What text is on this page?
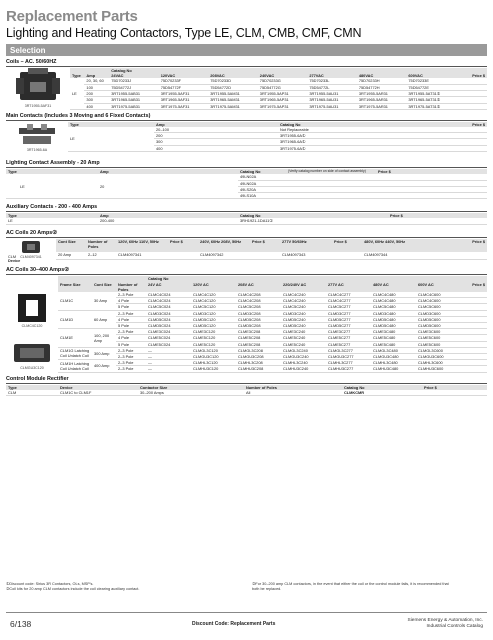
Replacement Parts
Lighting and Heating Contactors, Type LE, CLM, CMB, CMF, CMN
Selection
Coils – AC. 50/60HZ
3RT1955-5AF31			Catalog No							
	Type	Amp	24VAC	120VAC	208VAC	240VAC	277VAC	480VAC	600VAC	Price $
	LE	20, 30, 60	75D70233J	75D70233F	75D70233D	75D70233G	75D70233L	75D70233H	75D70233E	
		100	75D54772J	75D54772F	75D54772D	75D54772G	75D54772L	75D54772H	75D54772E	
		200	3RT1955-5AB31	3RT1955-5AF31	3RT1955-5AM31	3RT1955-5AP31	3RT1955-5AU31	3RT1955-5AR31	3RT1955-5AT31①	
		300	3RT1965-5AB31	3RT1965-5AF31	3RT1965-5AM31	3RT1965-5AP31	3RT1965-5AU31	3RT1965-5AR31	3RT1965-5AT31①	
		400	3RT1975-5AB31	3RT1975-5AF31	3RT1975-5AM31	3RT1975-5AP31	3RT1975-5AU31	3RT1975-5AR31	3RT1975-5AT31①	
Main Contacts (Includes 3 Moving and 6 Fixed Contacts)
3RT1965-6A	Type	Amp	Catalog No	Price $
	LE	20–100	Not Replaceable	
		200	3RT1955-6A①	
		300	3RT1965-6A①	
		400	3RT1975-6A①	

Lighting Contact Assembly - 20 Amp
Type	Amp	Catalog No	(Verify catalog number on side of contact assembly)	Price $
LE	20	49LN02A		
		49LN02A		
		49LS20A		
		49LS10A		
Auxiliary Contacts - 200 - 400 Amps
Type	Amp	Catalog No	Price $
LE	200-400	3RH1921-1DA11①	
AC Coils 20 Amps②
CLM4097341	Cont Size	Number of Poles	120V, 60Hz 110V, 50Hz	Price $	240V, 60Hz 208V, 50Hz	Price $	277V 50/60Hz	Price $	480V, 60Hz 440V, 50Hz	Price $
	20 Amp	2–12	CLM4097341		CLM4097342		CLM4097343		CLM4097344	
CLM
Device
AC Coils 30–400 Amps②
CLMC4C120
CLMGU3C120
			Catalog No							
Frame Size	Cont Size	Number of Poles	24V AC	120V AC	208V AC	220/240V AC	277V AC	480V AC	600V AC	Price $
CLM1C	30 Amp	2–3 Pole	CLMC4C024	CLMC4C120	CLMC4C208	CLMC4C240	CLMC4C277	CLMC4C480	CLMC4C600	
		4 Pole	CLMC4C024	CLMC4C120	CLMC4C208	CLMC4C240	CLMC4C277	CLMC4C480	CLMC4C600	
		5 Pole	CLMC5C024	CLMC5C120	CLMC5C208	CLMC5C240	CLMC5C277	CLMC5C480	CLMC5C600	
CLM1D	60 Amp	2–3 Pole	CLMD3C024	CLMD3C120	CLMD3C208	CLMD3C240	CLMD3C277	CLMD3C480	CLMD3C600	
		4 Pole	CLMD5C024	CLMD5C120	CLMD5C208	CLMD5C240	CLMD5C277	CLMD5C480	CLMD5C600	
		5 Pole	CLMD5C024	CLMD5C120	CLMD5C208	CLMD5C240	CLMD5C277	CLMD5C480	CLMD5C600	
CLM1E	100, 200 Amp	2–3 Pole	CLME3C024	CLME3C120	CLME3C208	CLME3C240	CLME3C277	CLME3C480	CLME3C600	
		4 Pole	CLME5C024	CLME5C120	CLME5C208	CLME5C240	CLME5C277	CLME5C480	CLME5C600	
		5 Pole	CLME5C024	CLME5C120	CLME5C208	CLME5C240	CLME5C277	CLME5C480	CLME5C600	
CLM1G Latching Coil Unlatch Coil	300 Amp	2–3 Pole	—	CLMGL3C120	CLMGL3C208	CLMGL3C240	CLMGL3C277	CLMGL3C480	CLMGL3C600	
		2–3 Pole	—	CLMGU3C120	CLMGU3C208	CLMGU3C240	CLMGU3C277	CLMGU3C480	CLMGU3C600	
CLM1H Latching Coil Unlatch Coil	400 Amp	2–3 Pole	—	CLMHL3C120	CLMHL3C208	CLMHL3C240	CLMHL3C277	CLMHL3C480	CLMHL3C600	
		2–3 Pole	—	CLMHU3C120	CLMHU3C208	CLMHU3C240	CLMHU3C277	CLMHU3C480	CLMHU3C600	
Control Module Rectifier
Type	Device	Contactor Size	Number of Poles	Catalog No	Price $
CLM	CLM1C to CLM1F	30–200 Amps	All	CLMKCMR	
①Discount code: Sirius 3R Contactors, OLs, MSP's.
②Coil kits for 20 amp CLM contactors include the coil clearing auxiliary contact.
②For 30–200 amp CLM contactors, in the event that either the coil or the control module fails, it is recommended that both be replaced.
6/138	Discount Code: Replacement Parts
Siemens Energy & Automation, Inc.
Industrial Controls Catalog
